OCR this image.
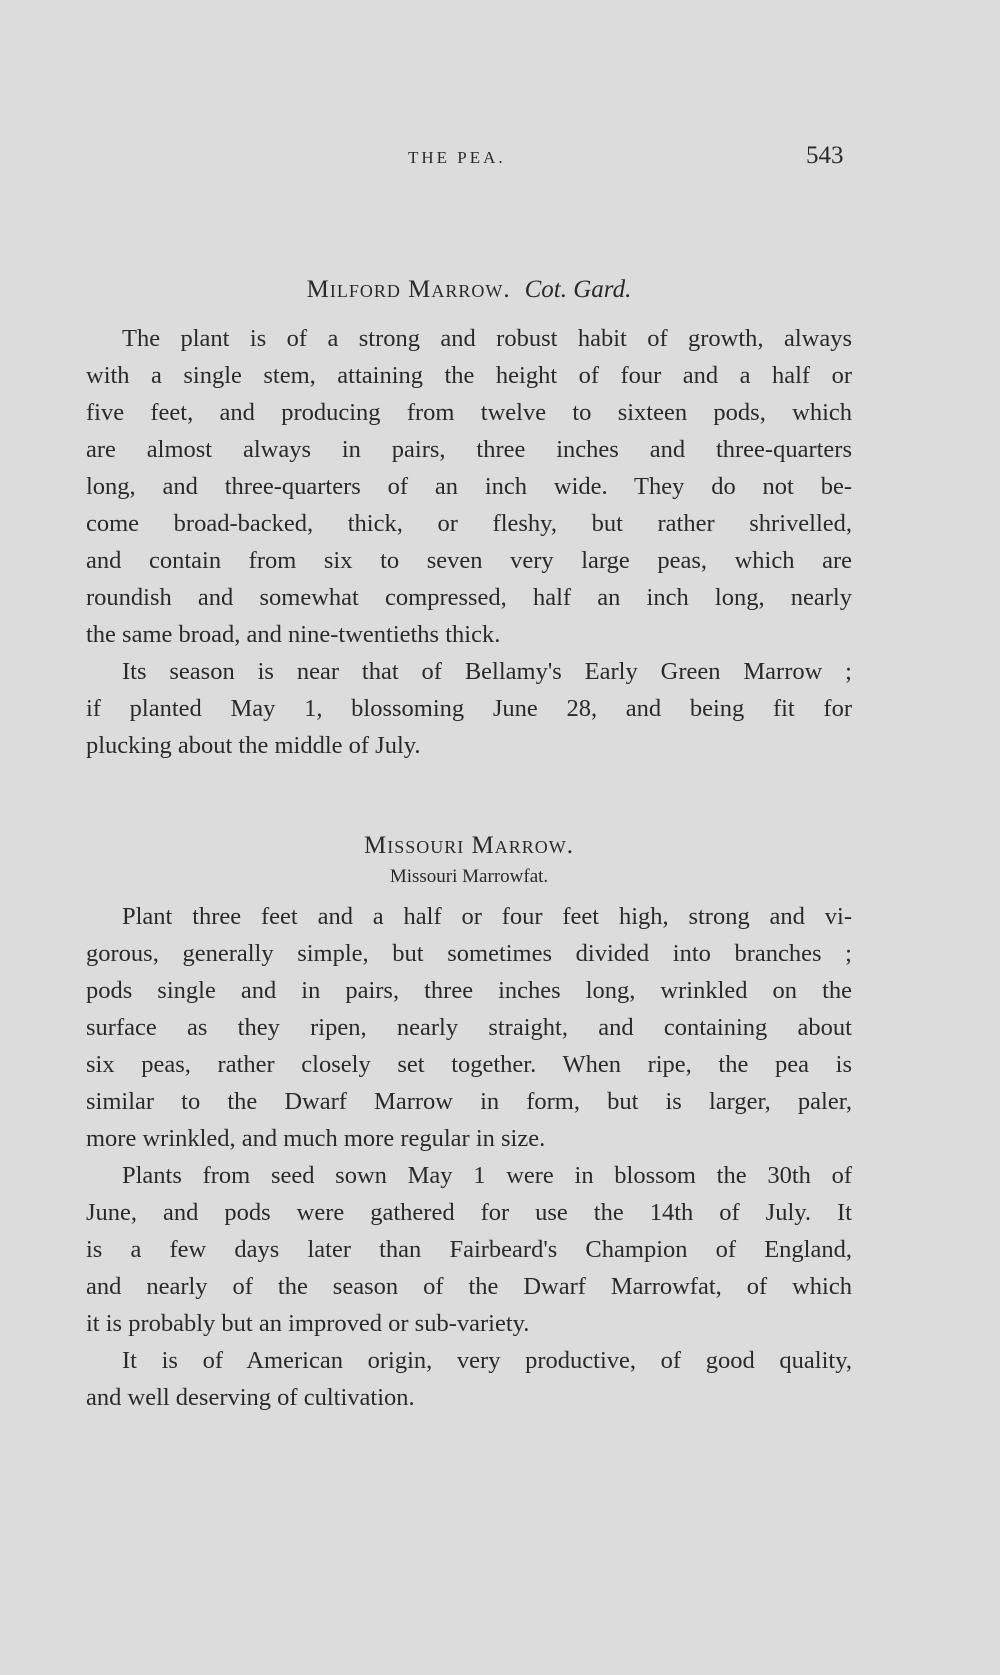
THE PEA.	543
Milford Marrow. Cot. Gard.
The plant is of a strong and robust habit of growth, always
with a single stem, attaining the height of four and a half or
five feet, and producing from twelve to sixteen pods, which
are almost always in pairs, three inches and three-quarters
long, and three-quarters of an inch wide. They do not be-
come broad-backed, thick, or fleshy, but rather shrivelled,
and contain from six to seven very large peas, which are
roundish and somewhat compressed, half an inch long, nearly
the same broad, and nine-twentieths thick.
Its season is near that of Bellamy's Early Green Marrow ;
if planted May 1, blossoming June 28, and being fit for
plucking about the middle of July.
Missouri Marrow.
Missouri Marrowfat.
Plant three feet and a half or four feet high, strong and vi-
gorous, generally simple, but sometimes divided into branches ;
pods single and in pairs, three inches long, wrinkled on the
surface as they ripen, nearly straight, and containing about
six peas, rather closely set together. When ripe, the pea is
similar to the Dwarf Marrow in form, but is larger, paler,
more wrinkled, and much more regular in size.
Plants from seed sown May 1 were in blossom the 30th of
June, and pods were gathered for use the 14th of July. It
is a few days later than Fairbeard's Champion of England,
and nearly of the season of the Dwarf Marrowfat, of which
it is probably but an improved or sub-variety.
It is of American origin, very productive, of good quality,
and well deserving of cultivation.
